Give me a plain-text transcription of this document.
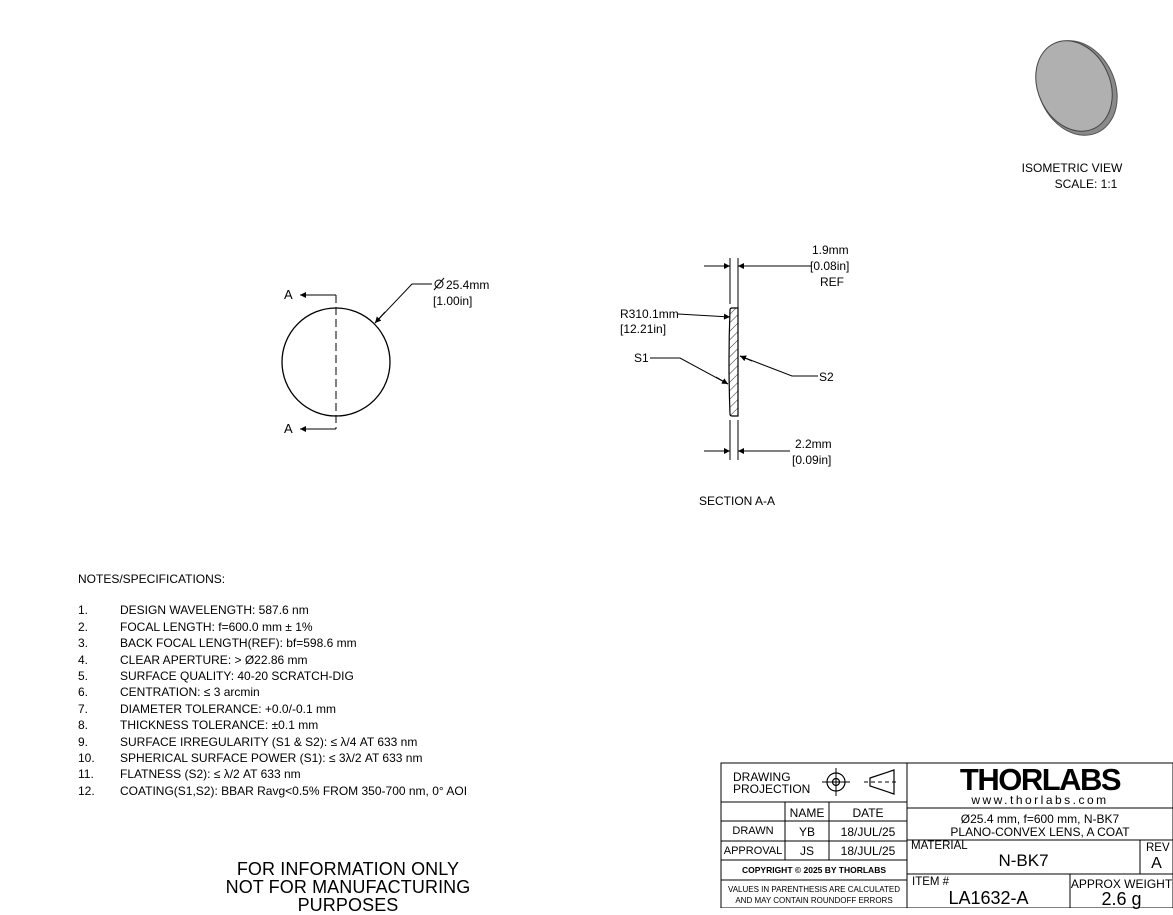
ISOMETRIC VIEW
SCALE: 1:1
A
A
25.4mm
[1.00in]
1.9mm
[0.08in]
REF
R310.1mm
[12.21in]
S1
S2
2.2mm
[0.09in]
SECTION A-A
NOTES/SPECIFICATIONS:
1.	DESIGN WAVELENGTH: 587.6 nm
2.	FOCAL LENGTH: f=600.0 mm ± 1%
3.	BACK FOCAL LENGTH(REF): bf=598.6 mm
4.	CLEAR APERTURE: > Ø22.86 mm
5.	SURFACE QUALITY: 40-20 SCRATCH-DIG
6.	CENTRATION: ≤ 3 arcmin
7.	DIAMETER TOLERANCE: +0.0/-0.1 mm
8.	THICKNESS TOLERANCE: ±0.1 mm
9.	SURFACE IRREGULARITY (S1 & S2): ≤ λ/4 AT 633 nm
10.	SPHERICAL SURFACE POWER (S1): ≤ 3λ/2 AT 633 nm
11.	FLATNESS (S2): ≤ λ/2 AT 633 nm
12.	COATING(S1,S2): BBAR Ravg<0.5% FROM 350-700 nm, 0° AOI
FOR INFORMATION ONLY
NOT FOR MANUFACTURING PURPOSES
DRAWING
PROJECTION
NAME	DATE
DRAWN	YB	18/JUL/25
APPROVAL	JS	18/JUL/25
COPYRIGHT © 2025 BY THORLABS
VALUES IN PARENTHESIS ARE CALCULATED
AND MAY CONTAIN ROUNDOFF ERRORS
THORLABS
www.thorlabs.com
Ø25.4 mm, f=600 mm, N-BK7
PLANO-CONVEX LENS, A COAT
MATERIAL
N-BK7
REV
A
ITEM #
LA1632-A
APPROX WEIGHT
2.6 g
